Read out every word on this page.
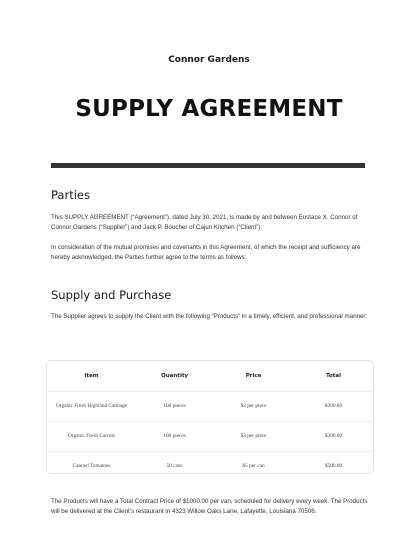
Connor Gardens
SUPPLY AGREEMENT
Parties
This SUPPLY AGREEMENT (“Agreement”), dated July 30, 2021, is made by and between Eustace X. Connor of Connor Gardens (“Supplier”) and Jack P. Boucher of Cajun Kitchen (“Client”).
In consideration of the mutual promises and covenants in this Agreement, of which the receipt and sufficiency are hereby acknowledged, the Parties further agree to the terms as follows:
Supply and Purchase
The Supplier agrees to supply the Client with the following “Products” in a timely, efficient, and professional manner:
Item	Quantity	Price	Total
Organic Fresh Highland Cabbage	100 pieces	$2 per piece	$200.00
Organic Fresh Carrots	100 pieces	$3 per piece	$300.00
Canned Tomatoes	50 cans	$5 per can	$500.00
The Products will have a Total Contract Price of $1000.00 per van, scheduled for delivery every week. The Products will be delivered at the Client’s restaurant in 4323 Willow Oaks Lane, Lafayette, Louisiana 70506.
